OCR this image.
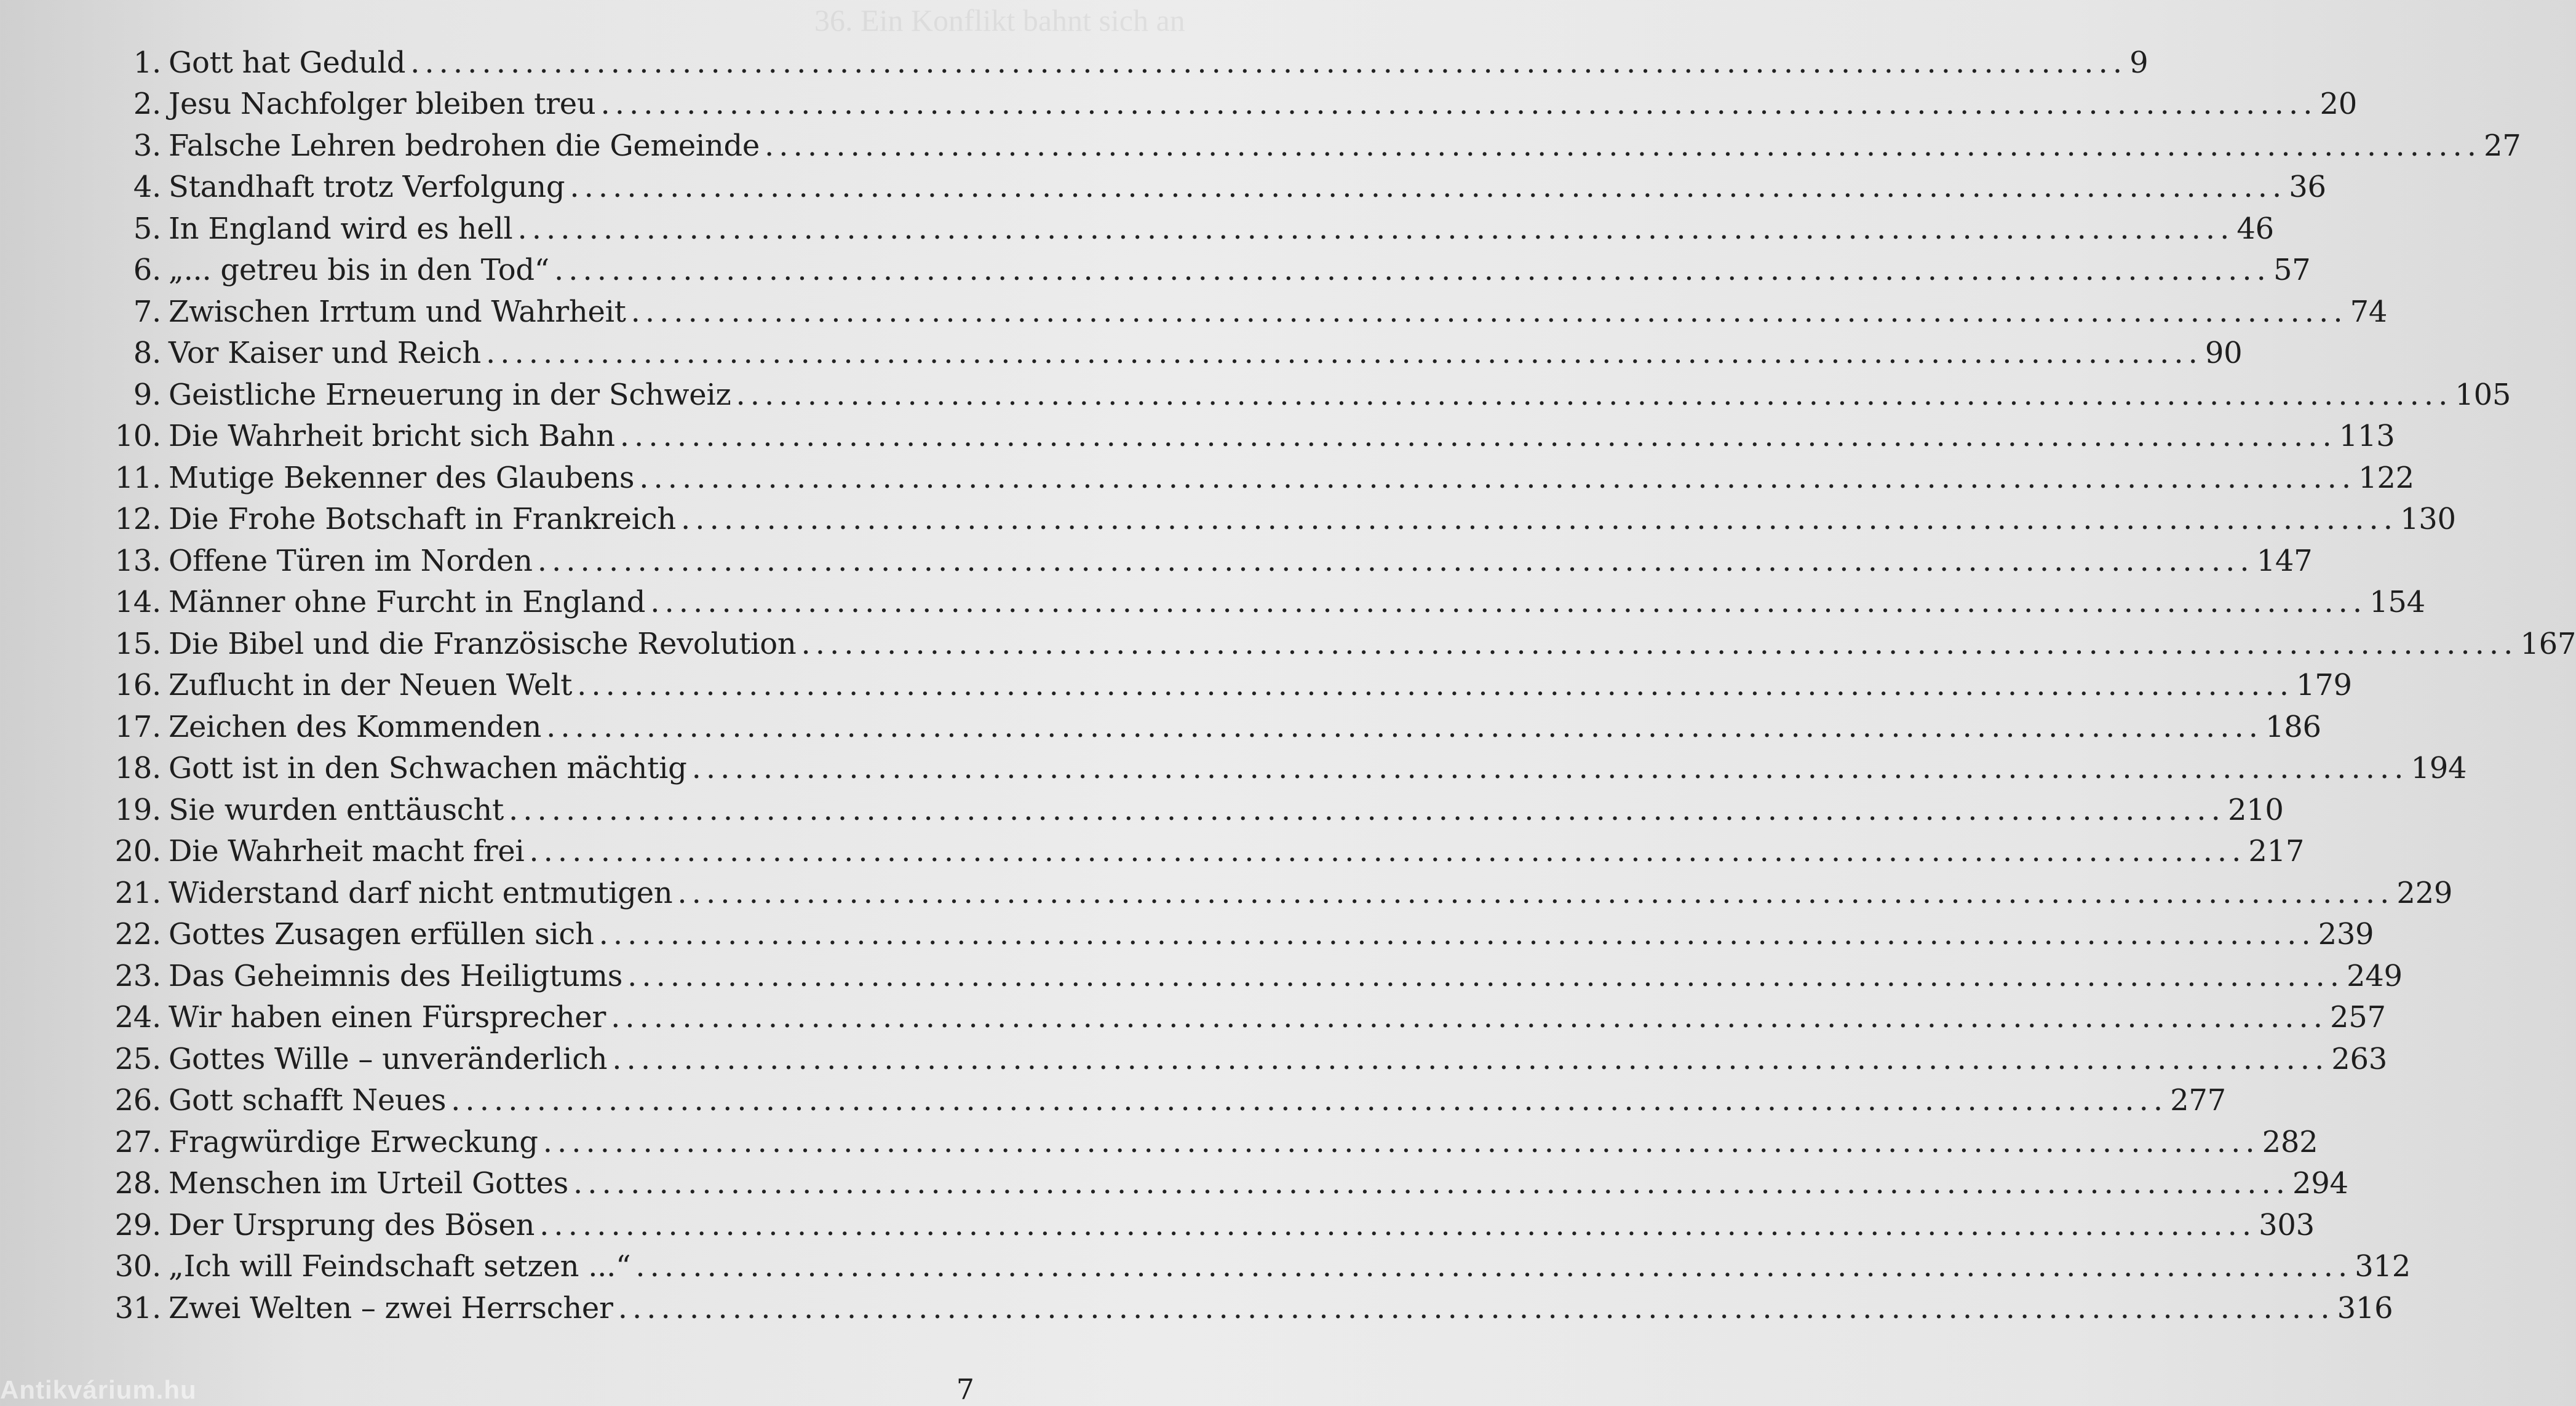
36. Ein Konflikt bahnt sich an
1. Gott hat Geduld .....	9
2. Jesu Nachfolger bleiben treu .....	20
3. Falsche Lehren bedrohen die Gemeinde .....	27
4. Standhaft trotz Verfolgung .....	36
5. In England wird es hell .....	46
6. „... getreu bis in den Tod“ .....	57
7. Zwischen Irrtum und Wahrheit .....	74
8. Vor Kaiser und Reich .....	90
9. Geistliche Erneuerung in der Schweiz .....	105
10. Die Wahrheit bricht sich Bahn .....	113
11. Mutige Bekenner des Glaubens .....	122
12. Die Frohe Botschaft in Frankreich .....	130
13. Offene Türen im Norden .....	147
14. Männer ohne Furcht in England .....	154
15. Die Bibel und die Französische Revolution .....	167
16. Zuflucht in der Neuen Welt .....	179
17. Zeichen des Kommenden .....	186
18. Gott ist in den Schwachen mächtig .....	194
19. Sie wurden enttäuscht .....	210
20. Die Wahrheit macht frei .....	217
21. Widerstand darf nicht entmutigen .....	229
22. Gottes Zusagen erfüllen sich .....	239
23. Das Geheimnis des Heiligtums .....	249
24. Wir haben einen Fürsprecher .....	257
25. Gottes Wille – unveränderlich .....	263
26. Gott schafft Neues .....	277
27. Fragwürdige Erweckung .....	282
28. Menschen im Urteil Gottes .....	294
29. Der Ursprung des Bösen .....	303
30. „Ich will Feindschaft setzen ...“ .....	312
31. Zwei Welten – zwei Herrscher .....	316
7
Antikvárium.hu
